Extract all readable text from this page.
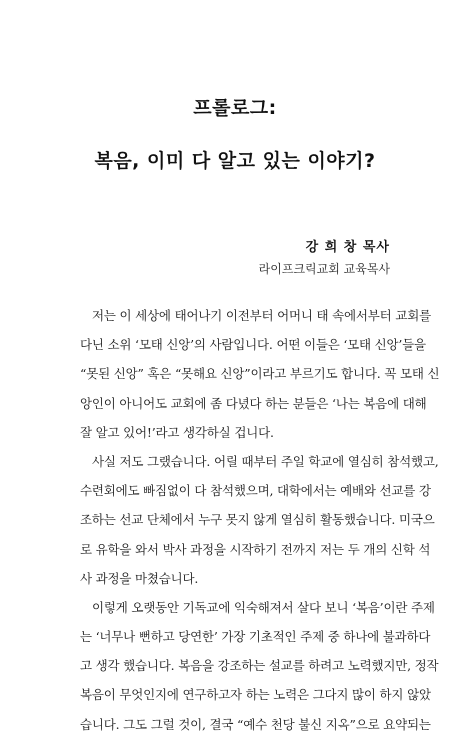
프롤로그:
복음, 이미 다 알고 있는 이야기?
강 희 창 목사
라이프크릭교회 교육목사
저는 이 세상에 태어나기 이전부터 어머니 태 속에서부터 교회를
다닌 소위 ‘모태 신앙’의 사람입니다. 어떤 이들은 ‘모태 신앙’들을
“못된 신앙” 혹은 “못해요 신앙”이라고 부르기도 합니다. 꼭 모태 신
앙인이 아니어도 교회에 좀 다녔다 하는 분들은 ‘나는 복음에 대해
잘 알고 있어!’라고 생각하실 겁니다.
사실 저도 그랬습니다. 어릴 때부터 주일 학교에 열심히 참석했고,
수련회에도 빠짐없이 다 참석했으며, 대학에서는 예배와 선교를 강
조하는 선교 단체에서 누구 못지 않게 열심히 활동했습니다. 미국으
로 유학을 와서 박사 과정을 시작하기 전까지 저는 두 개의 신학 석
사 과정을 마쳤습니다.
이렇게 오랫동안 기독교에 익숙해져서 살다 보니 ‘복음’이란 주제
는 ‘너무나 뻔하고 당연한’ 가장 기초적인 주제 중 하나에 불과하다
고 생각 했습니다. 복음을 강조하는 설교를 하려고 노력했지만, 정작
복음이 무엇인지에 연구하고자 하는 노력은 그다지 많이 하지 않았
습니다. 그도 그럴 것이, 결국 “예수 천당 불신 지옥”으로 요약되는
